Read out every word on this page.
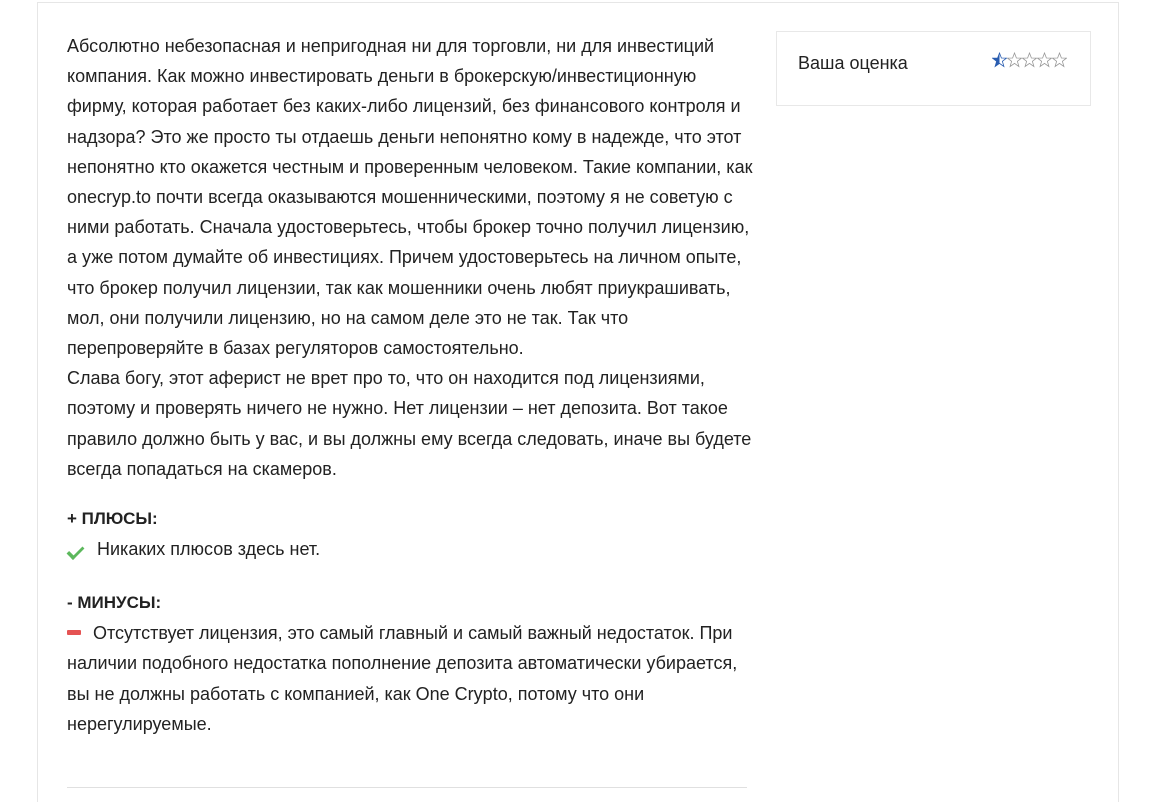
Абсолютно небезопасная и непригодная ни для торговли, ни для инвестиций компания. Как можно инвестировать деньги в брокерскую/инвестиционную фирму, которая работает без каких-либо лицензий, без финансового контроля и надзора? Это же просто ты отдаешь деньги непонятно кому в надежде, что этот непонятно кто окажется честным и проверенным человеком. Такие компании, как onecryp.to почти всегда оказываются мошенническими, поэтому я не советую с ними работать. Сначала удостоверьтесь, чтобы брокер точно получил лицензию, а уже потом думайте об инвестициях. Причем удостоверьтесь на личном опыте, что брокер получил лицензии, так как мошенники очень любят приукрашивать, мол, они получили лицензию, но на самом деле это не так. Так что перепроверяйте в базах регуляторов самостоятельно.

Слава богу, этот аферист не врет про то, что он находится под лицензиями, поэтому и проверять ничего не нужно. Нет лицензии – нет депозита. Вот такое правило должно быть у вас, и вы должны ему всегда следовать, иначе вы будете всегда попадаться на скамеров.

+ ПЛЮСЫ:
Никаких плюсов здесь нет.
- МИНУСЫ:
Отсутствует лицензия, это самый главный и самый важный недостаток. При наличии подобного недостатка пополнение депозита автоматически убирается, вы не должны работать с компанией, как One Crypto, потому что они нерегулируемые.
Ваша оценка
